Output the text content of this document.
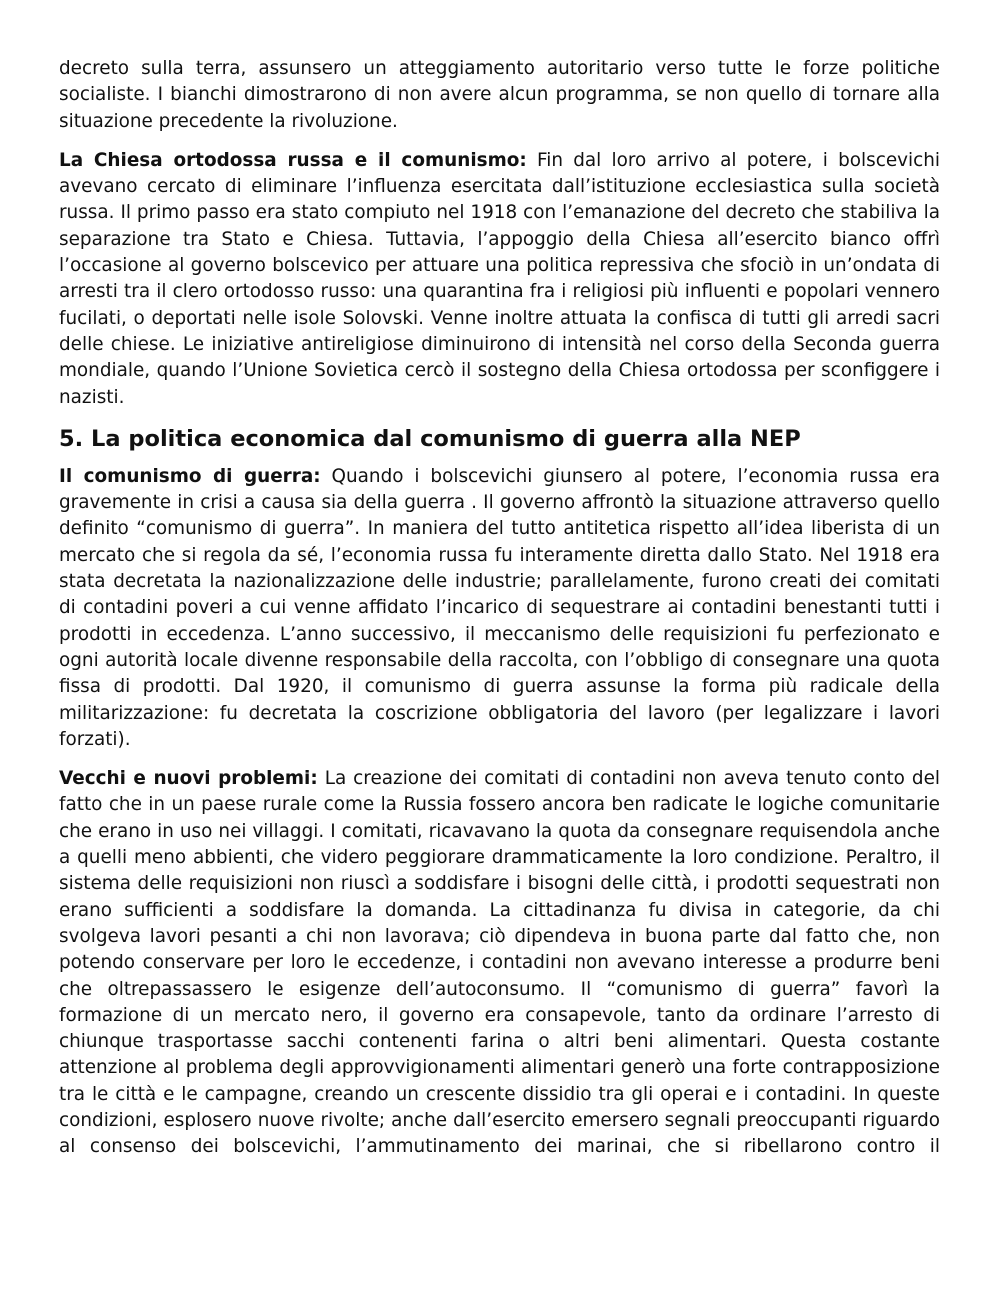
decreto sulla terra, assunsero un atteggiamento autoritario verso tutte le forze politiche socialiste. I bianchi dimostrarono di non avere alcun programma, se non quello di tornare alla situazione precedente la rivoluzione.

La Chiesa ortodossa russa e il comunismo: Fin dal loro arrivo al potere, i bolscevichi avevano cercato di eliminare l’influenza esercitata dall’istituzione ecclesiastica sulla società russa. Il primo passo era stato compiuto nel 1918 con l’emanazione del decreto che stabiliva la separazione tra Stato e Chiesa. Tuttavia, l’appoggio della Chiesa all’esercito bianco offrì l’occasione al governo bolscevico per attuare una politica repressiva che sfociò in un’ondata di arresti tra il clero ortodosso russo: una quarantina fra i religiosi più influenti e popolari vennero fucilati, o deportati nelle isole Solovski. Venne inoltre attuata la confisca di tutti gli arredi sacri delle chiese. Le iniziative antireligiose diminuirono di intensità nel corso della Seconda guerra mondiale, quando l’Unione Sovietica cercò il sostegno della Chiesa ortodossa per sconfiggere i nazisti.

5. La politica economica dal comunismo di guerra alla NEP

Il comunismo di guerra: Quando i bolscevichi giunsero al potere, l’economia russa era gravemente in crisi a causa sia della guerra . Il governo affrontò la situazione attraverso quello definito “comunismo di guerra”. In maniera del tutto antitetica rispetto all’idea liberista di un mercato che si regola da sé, l’economia russa fu interamente diretta dallo Stato. Nel 1918 era stata decretata la nazionalizzazione delle industrie; parallelamente, furono creati dei comitati di contadini poveri a cui venne affidato l’incarico di sequestrare ai contadini benestanti tutti i prodotti in eccedenza. L’anno successivo, il meccanismo delle requisizioni fu perfezionato e ogni autorità locale divenne responsabile della raccolta, con l’obbligo di consegnare una quota fissa di prodotti. Dal 1920, il comunismo di guerra assunse la forma più radicale della militarizzazione: fu decretata la coscrizione obbligatoria del lavoro (per legalizzare i lavori forzati).

Vecchi e nuovi problemi: La creazione dei comitati di contadini non aveva tenuto conto del fatto che in un paese rurale come la Russia fossero ancora ben radicate le logiche comunitarie che erano in uso nei villaggi. I comitati, ricavavano la quota da consegnare requisendola anche a quelli meno abbienti, che videro peggiorare drammaticamente la loro condizione. Peraltro, il sistema delle requisizioni non riuscì a soddisfare i bisogni delle città, i prodotti sequestrati non erano sufficienti a soddisfare la domanda. La cittadinanza fu divisa in categorie, da chi svolgeva lavori pesanti a chi non lavorava; ciò dipendeva in buona parte dal fatto che, non potendo conservare per loro le eccedenze, i contadini non avevano interesse a produrre beni che oltrepassassero le esigenze dell’autoconsumo. Il “comunismo di guerra” favorì la formazione di un mercato nero, il governo era consapevole, tanto da ordinare l’arresto di chiunque trasportasse sacchi contenenti farina o altri beni alimentari. Questa costante attenzione al problema degli approvvigionamenti alimentari generò una forte contrapposizione tra le città e le campagne, creando un crescente dissidio tra gli operai e i contadini. In queste condizioni, esplosero nuove rivolte; anche dall’esercito emersero segnali preoccupanti riguardo al consenso dei bolscevichi, l’ammutinamento dei marinai, che si ribellarono contro il
